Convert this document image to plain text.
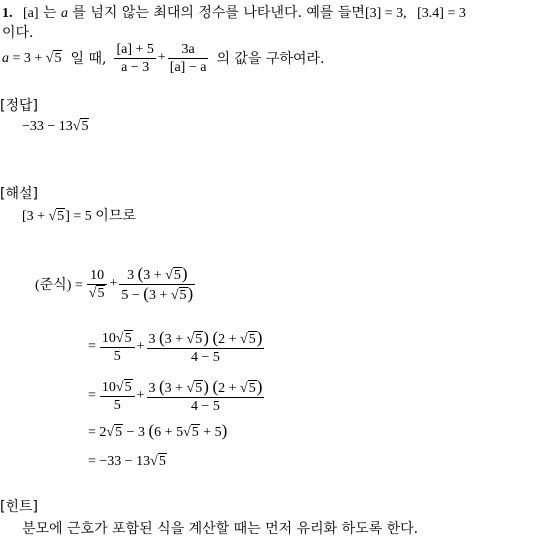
1. [a] 는 a 를 넘지 않는 최대의 정수를 나타낸다. 예를 들면[3] = 3, [3.4] = 3
이다.
a = 3 + √5 일 때, $\frac{[a] + 5}{a - 3} + \frac{3a}{[a] - a}$ 의 값을 구하여라.
[정답]
−33 − 13√5
[해설]
[3 + √5] = 5 이므로
(준식) = $\frac{10}{√5} + \frac{3 (3 + √5)}{5 - (3 + √5)}$
= $\frac{10√5}{5} + \frac{3 (3 + √5) (2 + √5)}{4 - 5}$
= $\frac{10√5}{5} + \frac{3 (3 + √5) (2 + √5)}{4 - 5}$
= 2√5 − 3 (6 + 5√5 + 5)
= −33 − 13√5
[힌트]
분모에 근호가 포함된 식을 계산할 때는 먼저 유리화 하도록 한다.
